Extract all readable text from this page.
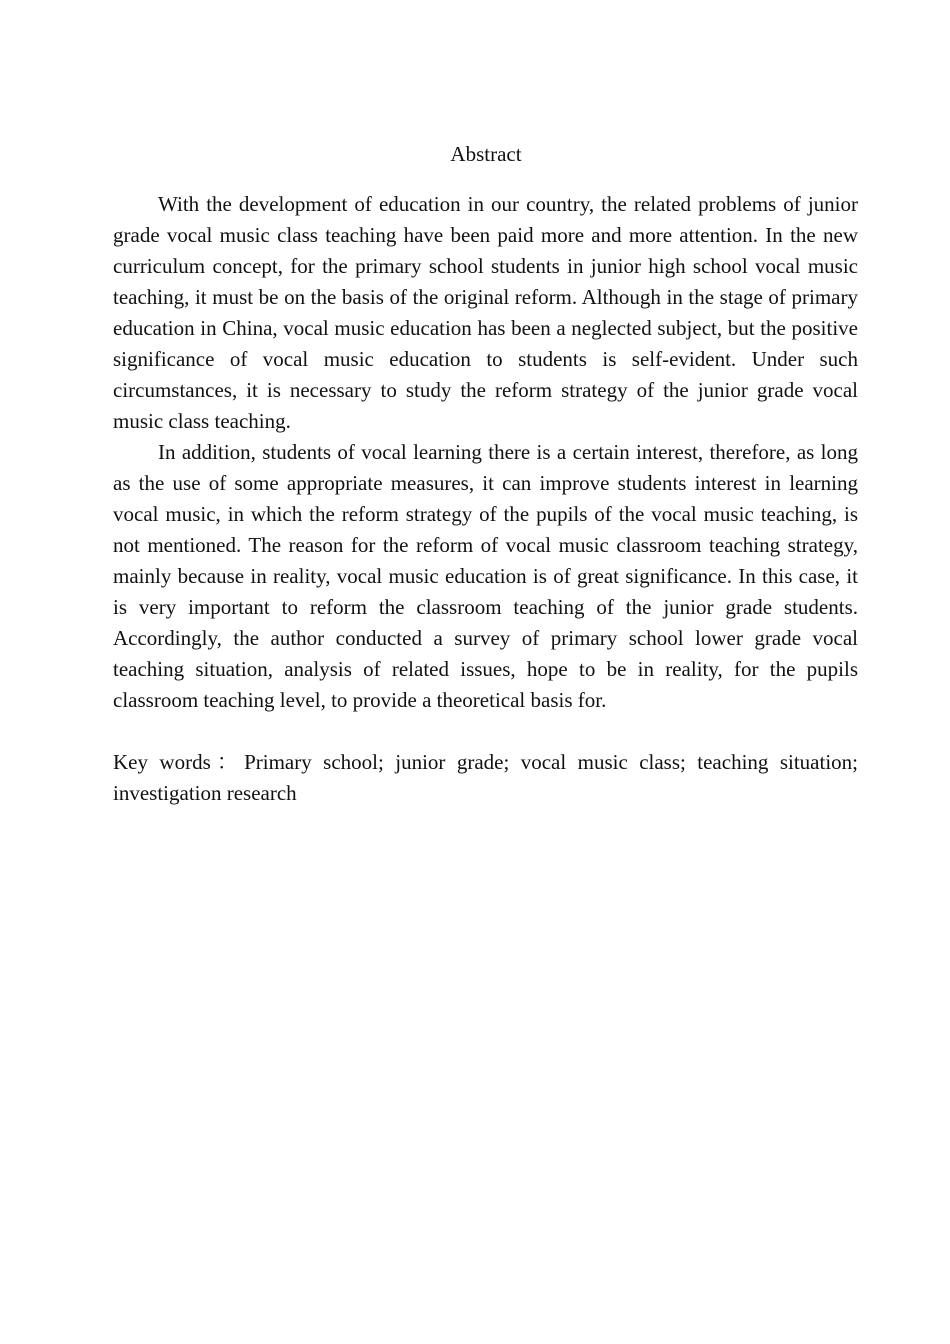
Abstract

With the development of education in our country, the related problems of junior grade vocal music class teaching have been paid more and more attention. In the new curriculum concept, for the primary school students in junior high school vocal music teaching, it must be on the basis of the original reform. Although in the stage of primary education in China, vocal music education has been a neglected subject, but the positive significance of vocal music education to students is self-evident. Under such circumstances, it is necessary to study the reform strategy of the junior grade vocal music class teaching.

In addition, students of vocal learning there is a certain interest, therefore, as long as the use of some appropriate measures, it can improve students interest in learning vocal music, in which the reform strategy of the pupils of the vocal music teaching, is not mentioned. The reason for the reform of vocal music classroom teaching strategy, mainly because in reality, vocal music education is of great significance. In this case, it is very important to reform the classroom teaching of the junior grade students. Accordingly, the author conducted a survey of primary school lower grade vocal teaching situation, analysis of related issues, hope to be in reality, for the pupils classroom teaching level, to provide a theoretical basis for.

Key words：Primary school; junior grade; vocal music class; teaching situation; investigation research
